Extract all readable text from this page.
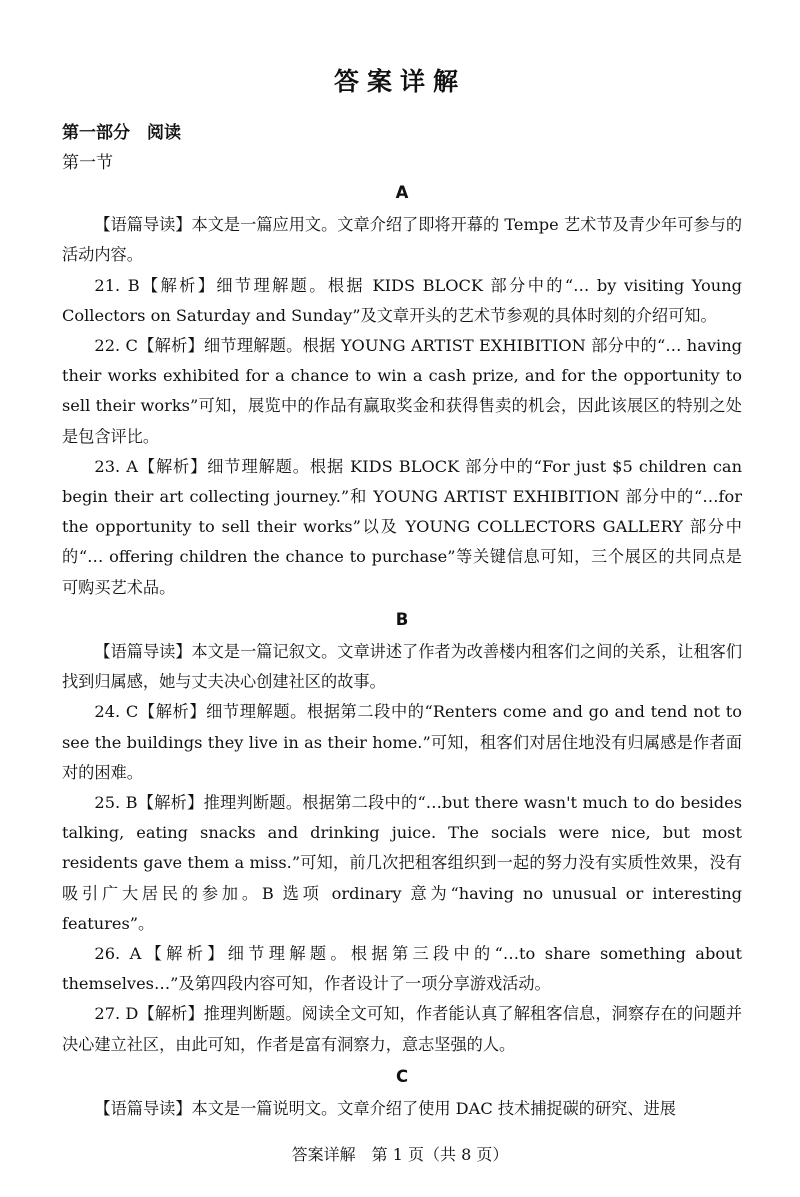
答案详解
第一部分　阅读
第一节
A

【语篇导读】本文是一篇应用文。文章介绍了即将开幕的 Tempe 艺术节及青少年可参与的活动内容。

21. B【解析】细节理解题。根据 KIDS BLOCK 部分中的“… by visiting Young Collectors on Saturday and Sunday”及文章开头的艺术节参观的具体时刻的介绍可知。

22. C【解析】细节理解题。根据 YOUNG ARTIST EXHIBITION 部分中的“… having their works exhibited for a chance to win a cash prize, and for the opportunity to sell their works”可知，展览中的作品有赢取奖金和获得售卖的机会，因此该展区的特别之处是包含评比。

23. A【解析】细节理解题。根据 KIDS BLOCK 部分中的“For just $5 children can begin their art collecting journey.”和 YOUNG ARTIST EXHIBITION 部分中的“…for the opportunity to sell their works”以及 YOUNG COLLECTORS GALLERY 部分中的“… offering children the chance to purchase”等关键信息可知，三个展区的共同点是可购买艺术品。

B

【语篇导读】本文是一篇记叙文。文章讲述了作者为改善楼内租客们之间的关系，让租客们找到归属感，她与丈夫决心创建社区的故事。

24. C【解析】细节理解题。根据第二段中的“Renters come and go and tend not to see the buildings they live in as their home.”可知，租客们对居住地没有归属感是作者面对的困难。

25. B【解析】推理判断题。根据第二段中的“…but there wasn't much to do besides talking, eating snacks and drinking juice. The socials were nice, but most residents gave them a miss.”可知，前几次把租客组织到一起的努力没有实质性效果，没有吸引广大居民的参加。B 选项 ordinary 意为“having no unusual or interesting features”。

26. A【解析】细节理解题。根据第三段中的“…to share something about themselves…”及第四段内容可知，作者设计了一项分享游戏活动。

27. D【解析】推理判断题。阅读全文可知，作者能认真了解租客信息，洞察存在的问题并决心建立社区，由此可知，作者是富有洞察力，意志坚强的人。

C

【语篇导读】本文是一篇说明文。文章介绍了使用 DAC 技术捕捉碳的研究、进展

答案详解　第 1 页（共 8 页）
